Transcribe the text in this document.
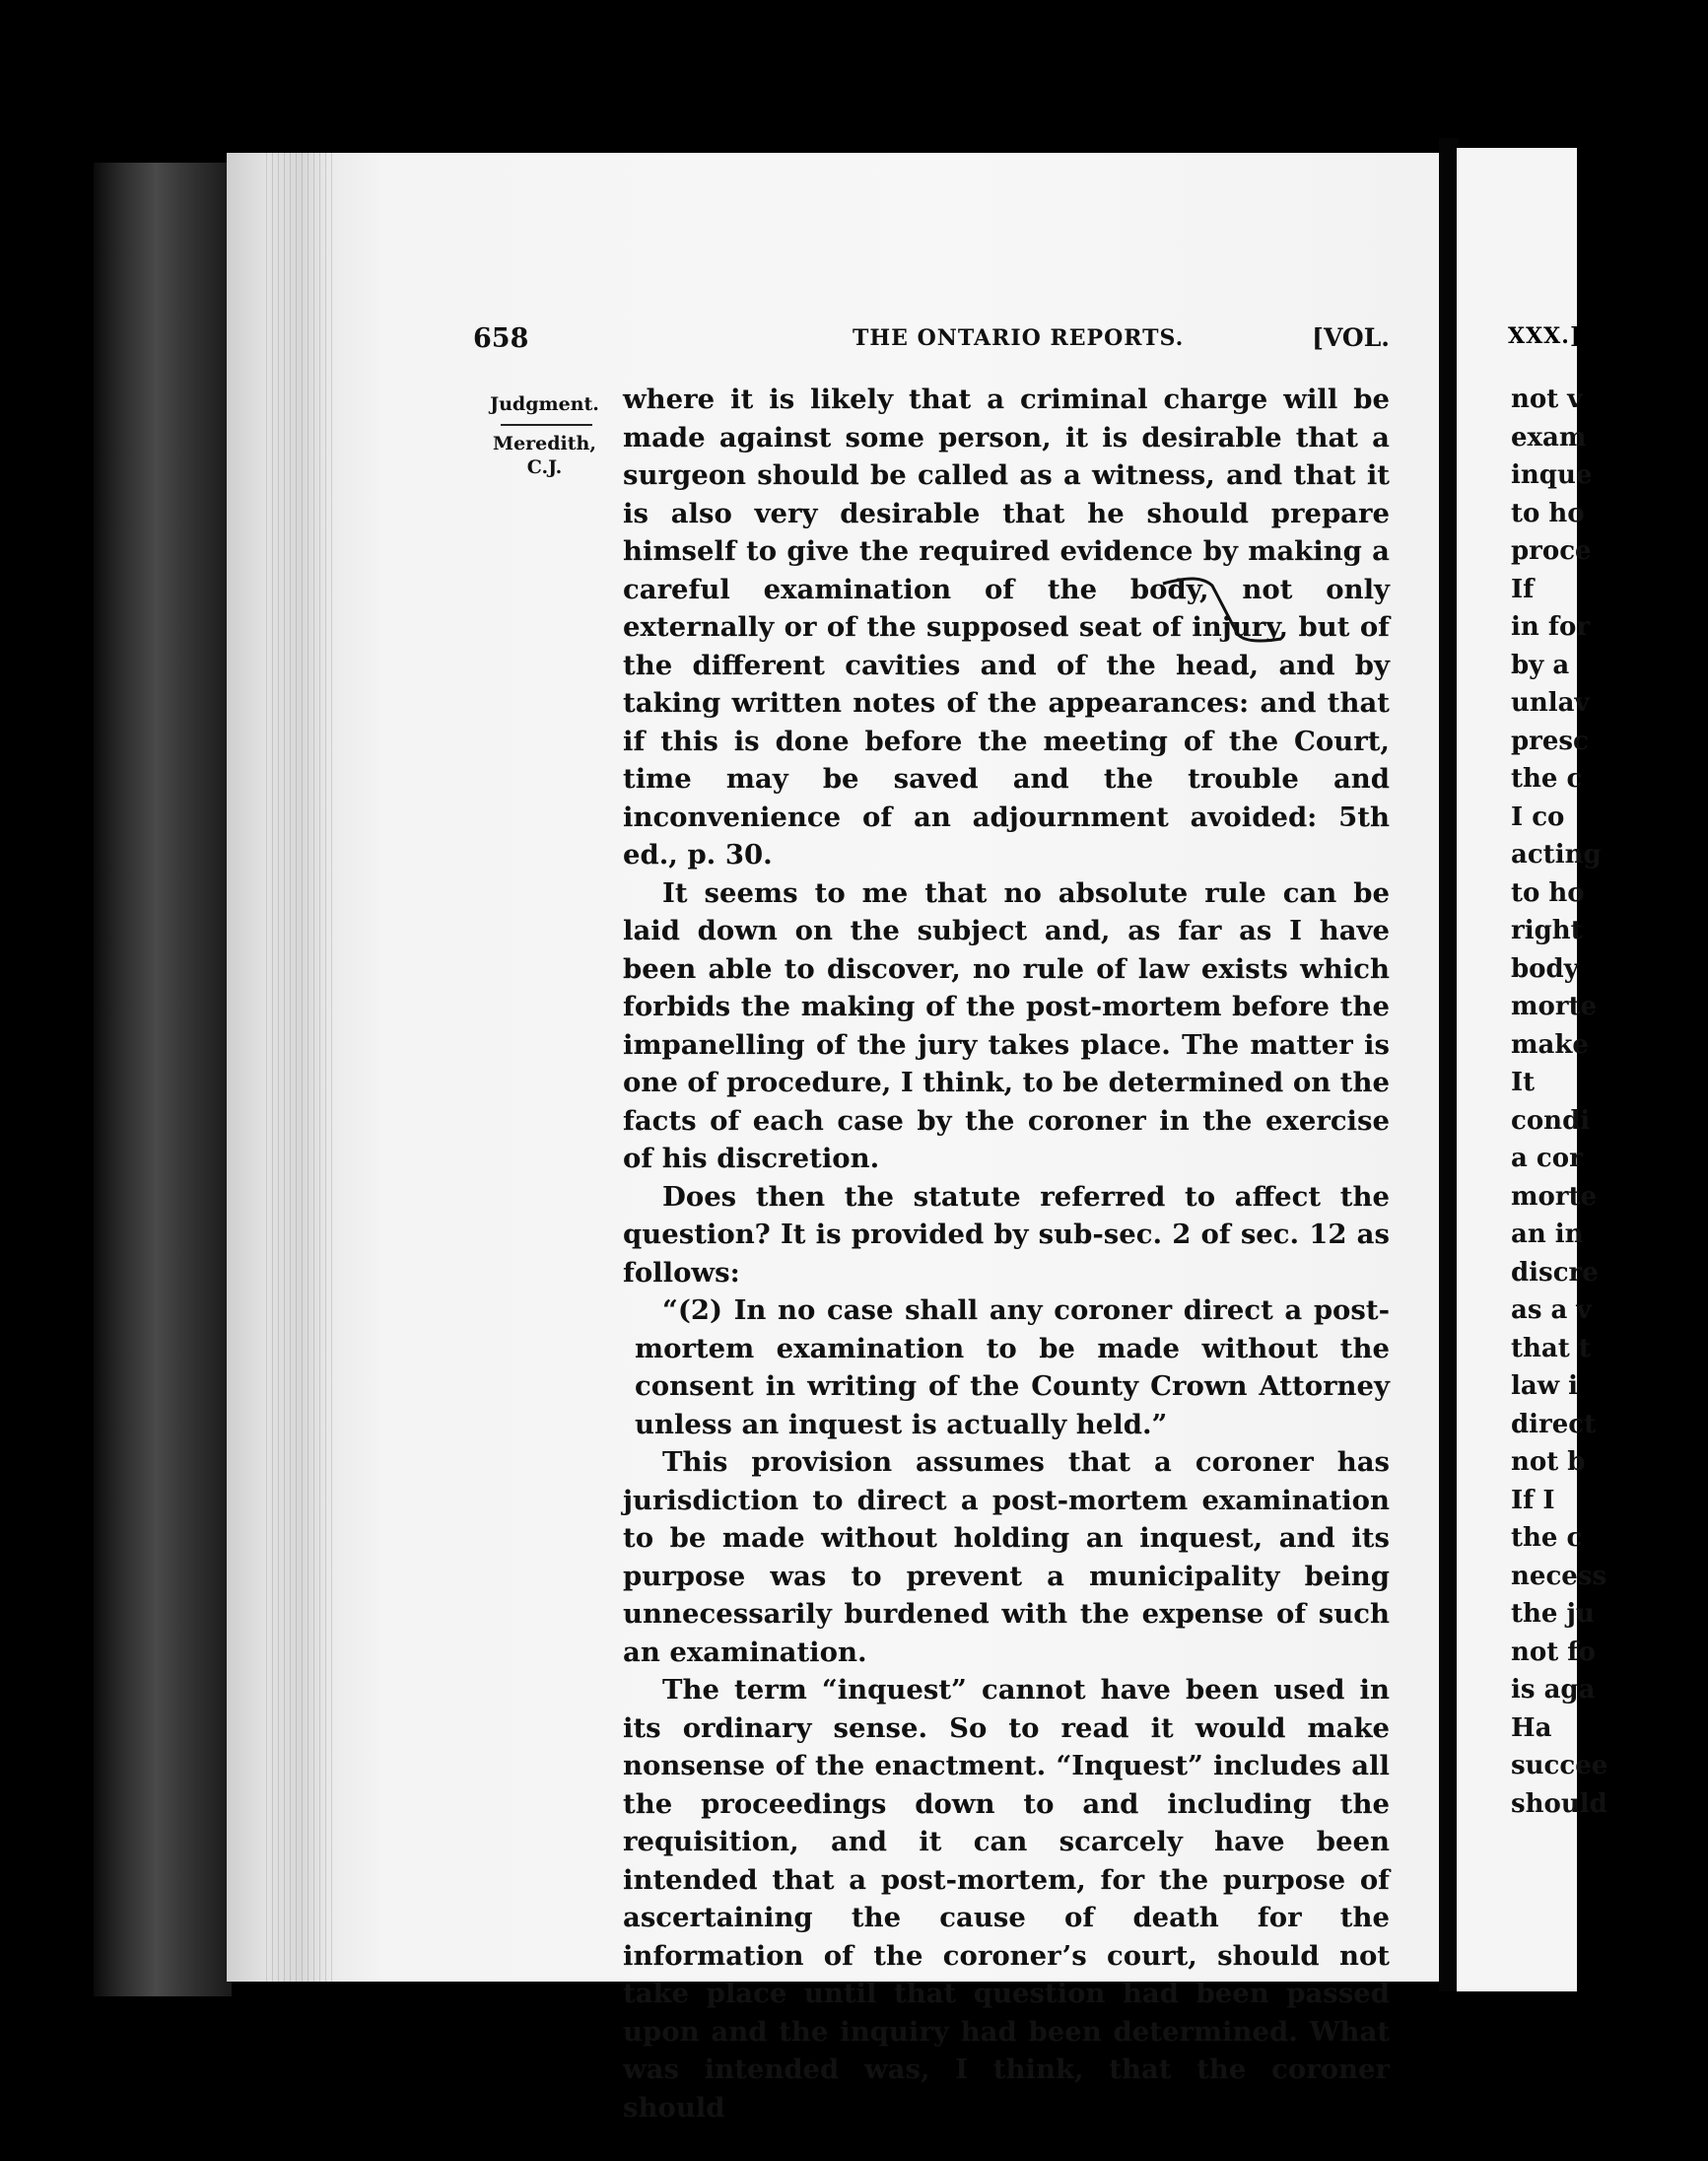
658	THE ONTARIO REPORTS.	[VOL.
Judgment.
Meredith,
C.J.

where it is likely that a criminal charge will be made against some person, it is desirable that a surgeon should be called as a witness, and that it is also very desirable that he should prepare himself to give the required evidence by making a careful examination of the body, not only externally or of the supposed seat of injury, but of the different cavities and of the head, and by taking written notes of the appearances: and that if this is done before the meeting of the Court, time may be saved and the trouble and inconvenience of an adjournment avoided: 5th ed., p. 30.

It seems to me that no absolute rule can be laid down on the subject and, as far as I have been able to discover, no rule of law exists which forbids the making of the post-mortem before the impanelling of the jury takes place. The matter is one of procedure, I think, to be determined on the facts of each case by the coroner in the exercise of his discretion.

Does then the statute referred to affect the question? It is provided by sub-sec. 2 of sec. 12 as follows:

“(2) In no case shall any coroner direct a post-mortem examination to be made without the consent in writing of the County Crown Attorney unless an inquest is actually held.”

This provision assumes that a coroner has jurisdiction to direct a post-mortem examination to be made without holding an inquest, and its purpose was to prevent a municipality being unnecessarily burdened with the expense of such an examination.

The term “inquest” cannot have been used in its ordinary sense. So to read it would make nonsense of the enactment. “Inquest” includes all the proceedings down to and including the requisition, and it can scarcely have been intended that a post-mortem, for the purpose of ascertaining the cause of death for the information of the coroner’s court, should not take place until that question had been passed upon and the inquiry had been determined. What was intended was, I think, that the coroner should

XXX.]
not v
exam
inque
to ho
proce
If
in for
by a
unlav
presc
the c
I co
acting
to ho
right
body
morte
make
It
condi
a cor
morte
an in
discre
as a v
that t
law i
direct
not b
If I
the c
necess
the ju
not fo
is aga
Ha
succee
should
